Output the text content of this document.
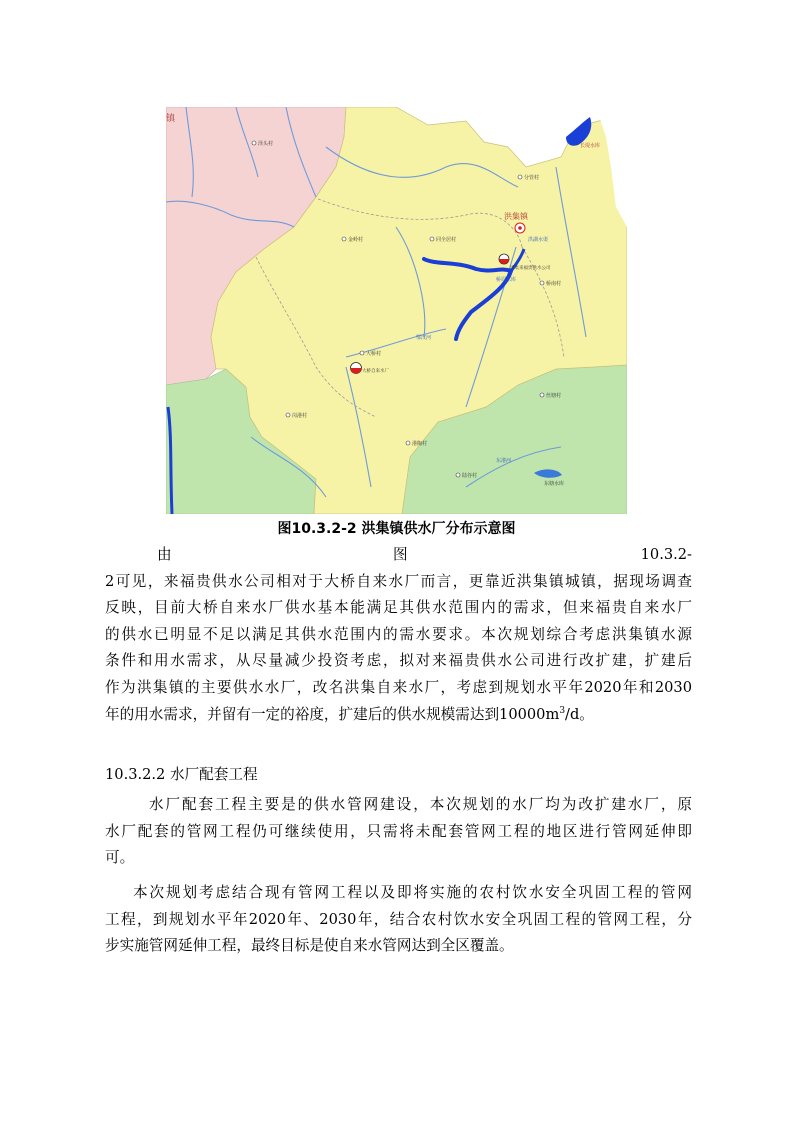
镇
洪集镇
洪集来福贵供水公司
大桥自来水厂
泽头村
金岭村	同全居村
分管村
桥南村
大桥村
岗港村
港陶村
陆谷村
丝塘村
长堤水库
东塘水库
洪湖水渠
桥周水库
东港河
鄂汉河
图10.3.2-2 洪集镇供水厂分布示意图
由	图	10.3.2-
2可见，来福贵供水公司相对于大桥自来水厂而言，更靠近洪集镇城镇，据现场调查
反映，目前大桥自来水厂供水基本能满足其供水范围内的需求，但来福贵自来水厂
的供水已明显不足以满足其供水范围内的需水要求。本次规划综合考虑洪集镇水源
条件和用水需求，从尽量减少投资考虑，拟对来福贵供水公司进行改扩建，扩建后
作为洪集镇的主要供水水厂，改名洪集自来水厂，考虑到规划水平年2020年和2030
年的用水需求，并留有一定的裕度，扩建后的供水规模需达到$10000m^3/d$。
10.3.2.2 水厂配套工程
水厂配套工程主要是的供水管网建设，本次规划的水厂均为改扩建水厂，原
水厂配套的管网工程仍可继续使用，只需将未配套管网工程的地区进行管网延伸即
可。
本次规划考虑结合现有管网工程以及即将实施的农村饮水安全巩固工程的管网
工程，到规划水平年2020年、2030年，结合农村饮水安全巩固工程的管网工程，分
步实施管网延伸工程，最终目标是使自来水管网达到全区覆盖。
